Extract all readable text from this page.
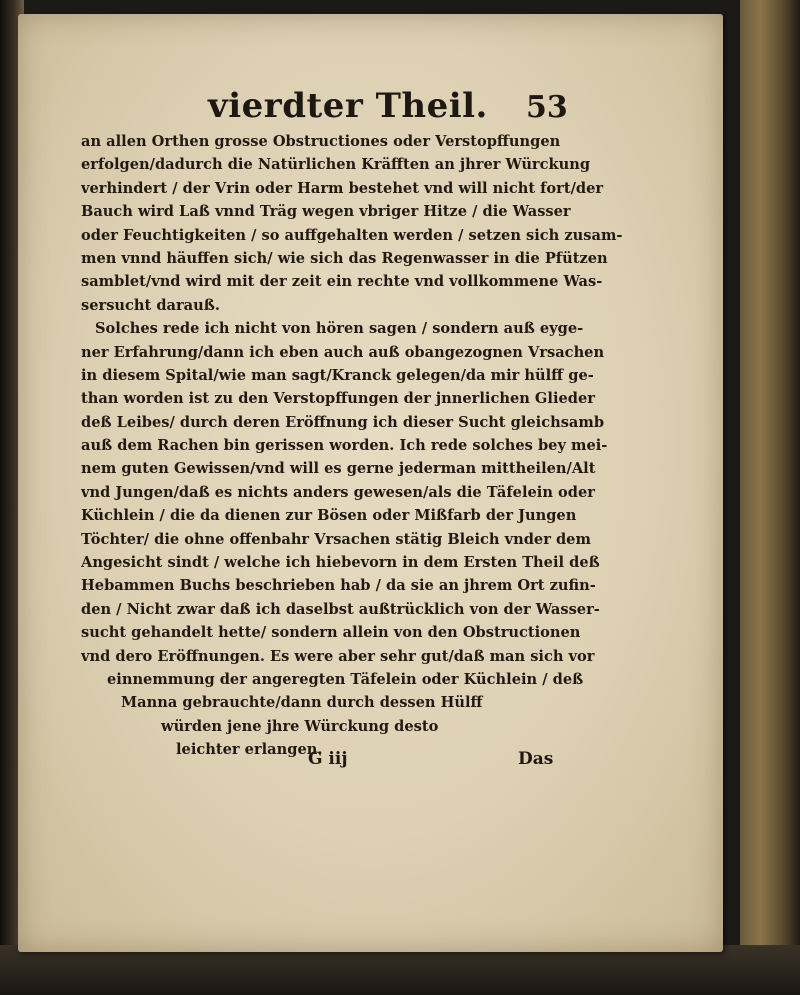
vierdter Theil. 53
an allen Orthen grosse Obstructiones oder Verstopffungen
erfolgen/dadurch die Natürlichen Kräfften an jhrer Würckung
verhindert / der Vrin oder Harm bestehet vnd will nicht fort/der
Bauch wird Laß vnnd Träg wegen vbriger Hitze / die Wasser
oder Feuchtigkeiten / so auffgehalten werden / setzen sich zusam-
men vnnd häuffen sich/ wie sich das Regenwasser in die Pfützen
samblet/vnd wird mit der zeit ein rechte vnd vollkommene Was-
sersucht darauß.
Solches rede ich nicht von hören sagen / sondern auß eyge-
ner Erfahrung/dann ich eben auch auß obangezognen Vrsachen
in diesem Spital/wie man sagt/Kranck gelegen/da mir hülff ge-
than worden ist zu den Verstopffungen der jnnerlichen Glieder
deß Leibes/ durch deren Eröffnung ich dieser Sucht gleichsamb
auß dem Rachen bin gerissen worden. Ich rede solches bey mei-
nem guten Gewissen/vnd will es gerne jederman mittheilen/Alt
vnd Jungen/daß es nichts anders gewesen/als die Täfelein oder
Küchlein / die da dienen zur Bösen oder Mißfarb der Jungen
Töchter/ die ohne offenbahr Vrsachen stätig Bleich vnder dem
Angesicht sindt / welche ich hiebevorn in dem Ersten Theil deß
Hebammen Buchs beschrieben hab / da sie an jhrem Ort zufin-
den / Nicht zwar daß ich daselbst außtrücklich von der Wasser-
sucht gehandelt hette/ sondern allein von den Obstructionen
vnd dero Eröffnungen. Es were aber sehr gut/daß man sich vor
einnemmung der angeregten Täfelein oder Küchlein / deß
Manna gebrauchte/dann durch dessen Hülff
würden jene jhre Würckung desto
leichter erlangen.
G iij	Das
